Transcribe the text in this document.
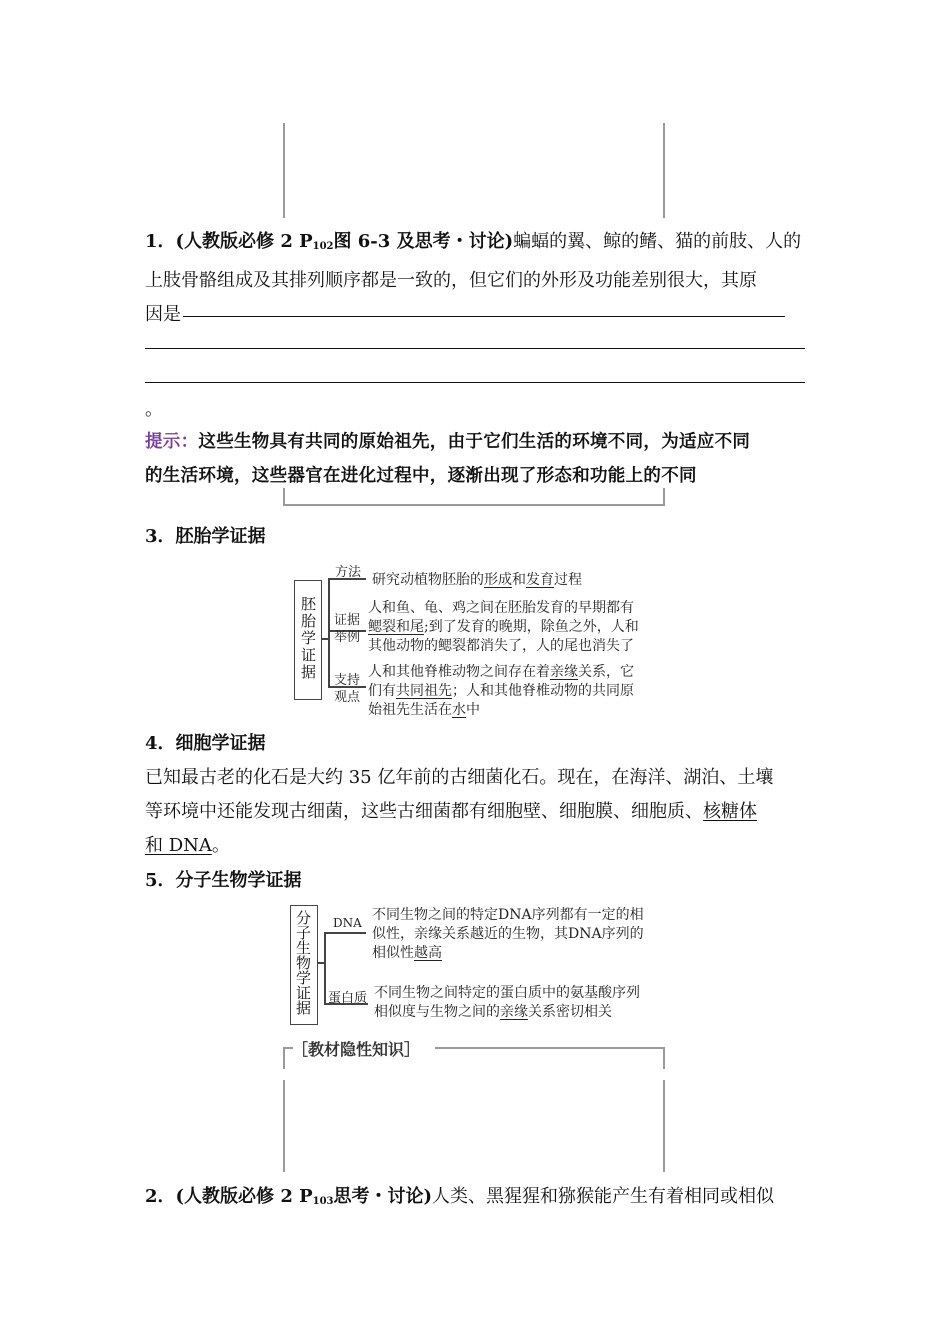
1．(人教版必修 2 $P_{102}$图 6-3 及思考・讨论)蝙蝠的翼、鲸的鳍、猫的前肢、人的
上肢骨骼组成及其排列顺序都是一致的，但它们的外形及功能差别很大，其原
因是
。
提示：这些生物具有共同的原始祖先，由于它们生活的环境不同，为适应不同
的生活环境，这些器官在进化过程中，逐渐出现了形态和功能上的不同
3．胚胎学证据
胚胎学证据
方法 研究动植物胚胎的形成和发育过程
证据
举例
人和鱼、龟、鸡之间在胚胎发育的早期都有
鳃裂和尾;到了发育的晚期，除鱼之外，人和
其他动物的鳃裂都消失了，人的尾也消失了
支持
观点
人和其他脊椎动物之间存在着亲缘关系，它
们有共同祖先；人和其他脊椎动物的共同原
始祖先生活在水中
4．细胞学证据
已知最古老的化石是大约 35 亿年前的古细菌化石。现在，在海洋、湖泊、土壤
等环境中还能发现古细菌，这些古细菌都有细胞壁、细胞膜、细胞质、核糖体
和 DNA。
5．分子生物学证据
分子生物学证据 DNA 不同生物之间的特定DNA序列都有一定的相
似性，亲缘关系越近的生物，其DNA序列的
相似性越高
蛋白质 不同生物之间特定的蛋白质中的氨基酸序列
相似度与生物之间的亲缘关系密切相关
［教材隐性知识］
2．(人教版必修 2 $P_{103}$思考・讨论)人类、黑猩猩和猕猴能产生有着相同或相似
